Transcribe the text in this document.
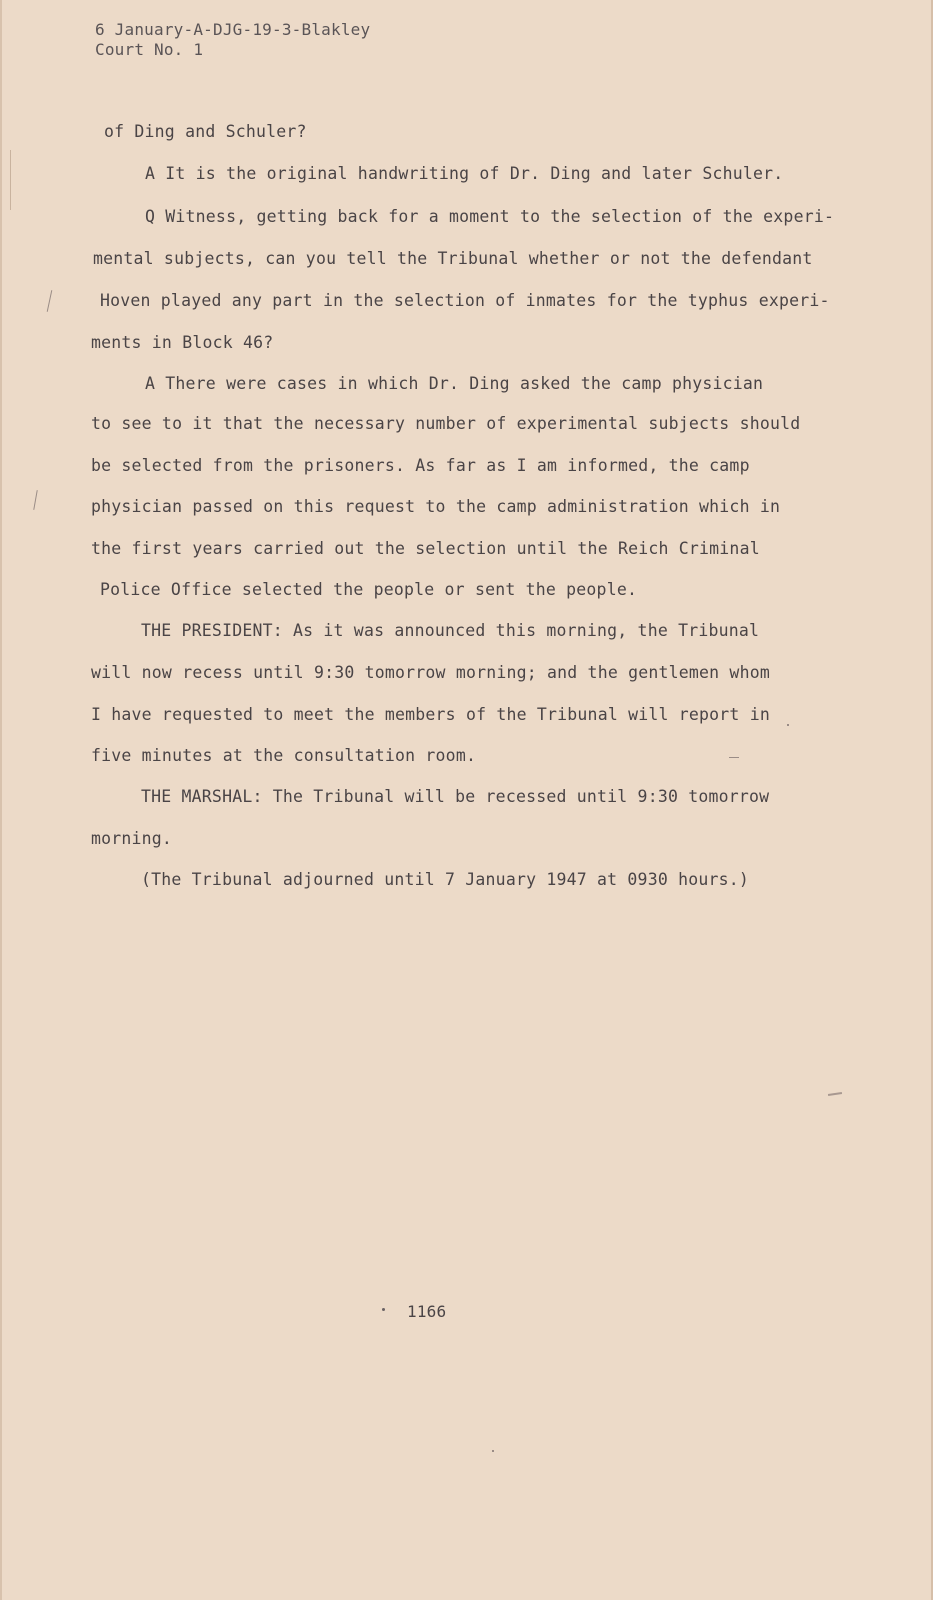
6 January-A-DJG-19-3-Blakley
Court No. 1
of Ding and Schuler?
A It is the original handwriting of Dr. Ding and later Schuler.
Q Witness, getting back for a moment to the selection of the experi-
mental subjects, can you tell the Tribunal whether or not the defendant
Hoven played any part in the selection of inmates for the typhus experi-
ments in Block 46?
A There were cases in which Dr. Ding asked the camp physician
to see to it that the necessary number of experimental subjects should
be selected from the prisoners. As far as I am informed, the camp
physician passed on this request to the camp administration which in
the first years carried out the selection until the Reich Criminal
Police Office selected the people or sent the people.
THE PRESIDENT: As it was announced this morning, the Tribunal
will now recess until 9:30 tomorrow morning; and the gentlemen whom
I have requested to meet the members of the Tribunal will report in
five minutes at the consultation room.
THE MARSHAL: The Tribunal will be recessed until 9:30 tomorrow
morning.
(The Tribunal adjourned until 7 January 1947 at 0930 hours.)
1166
